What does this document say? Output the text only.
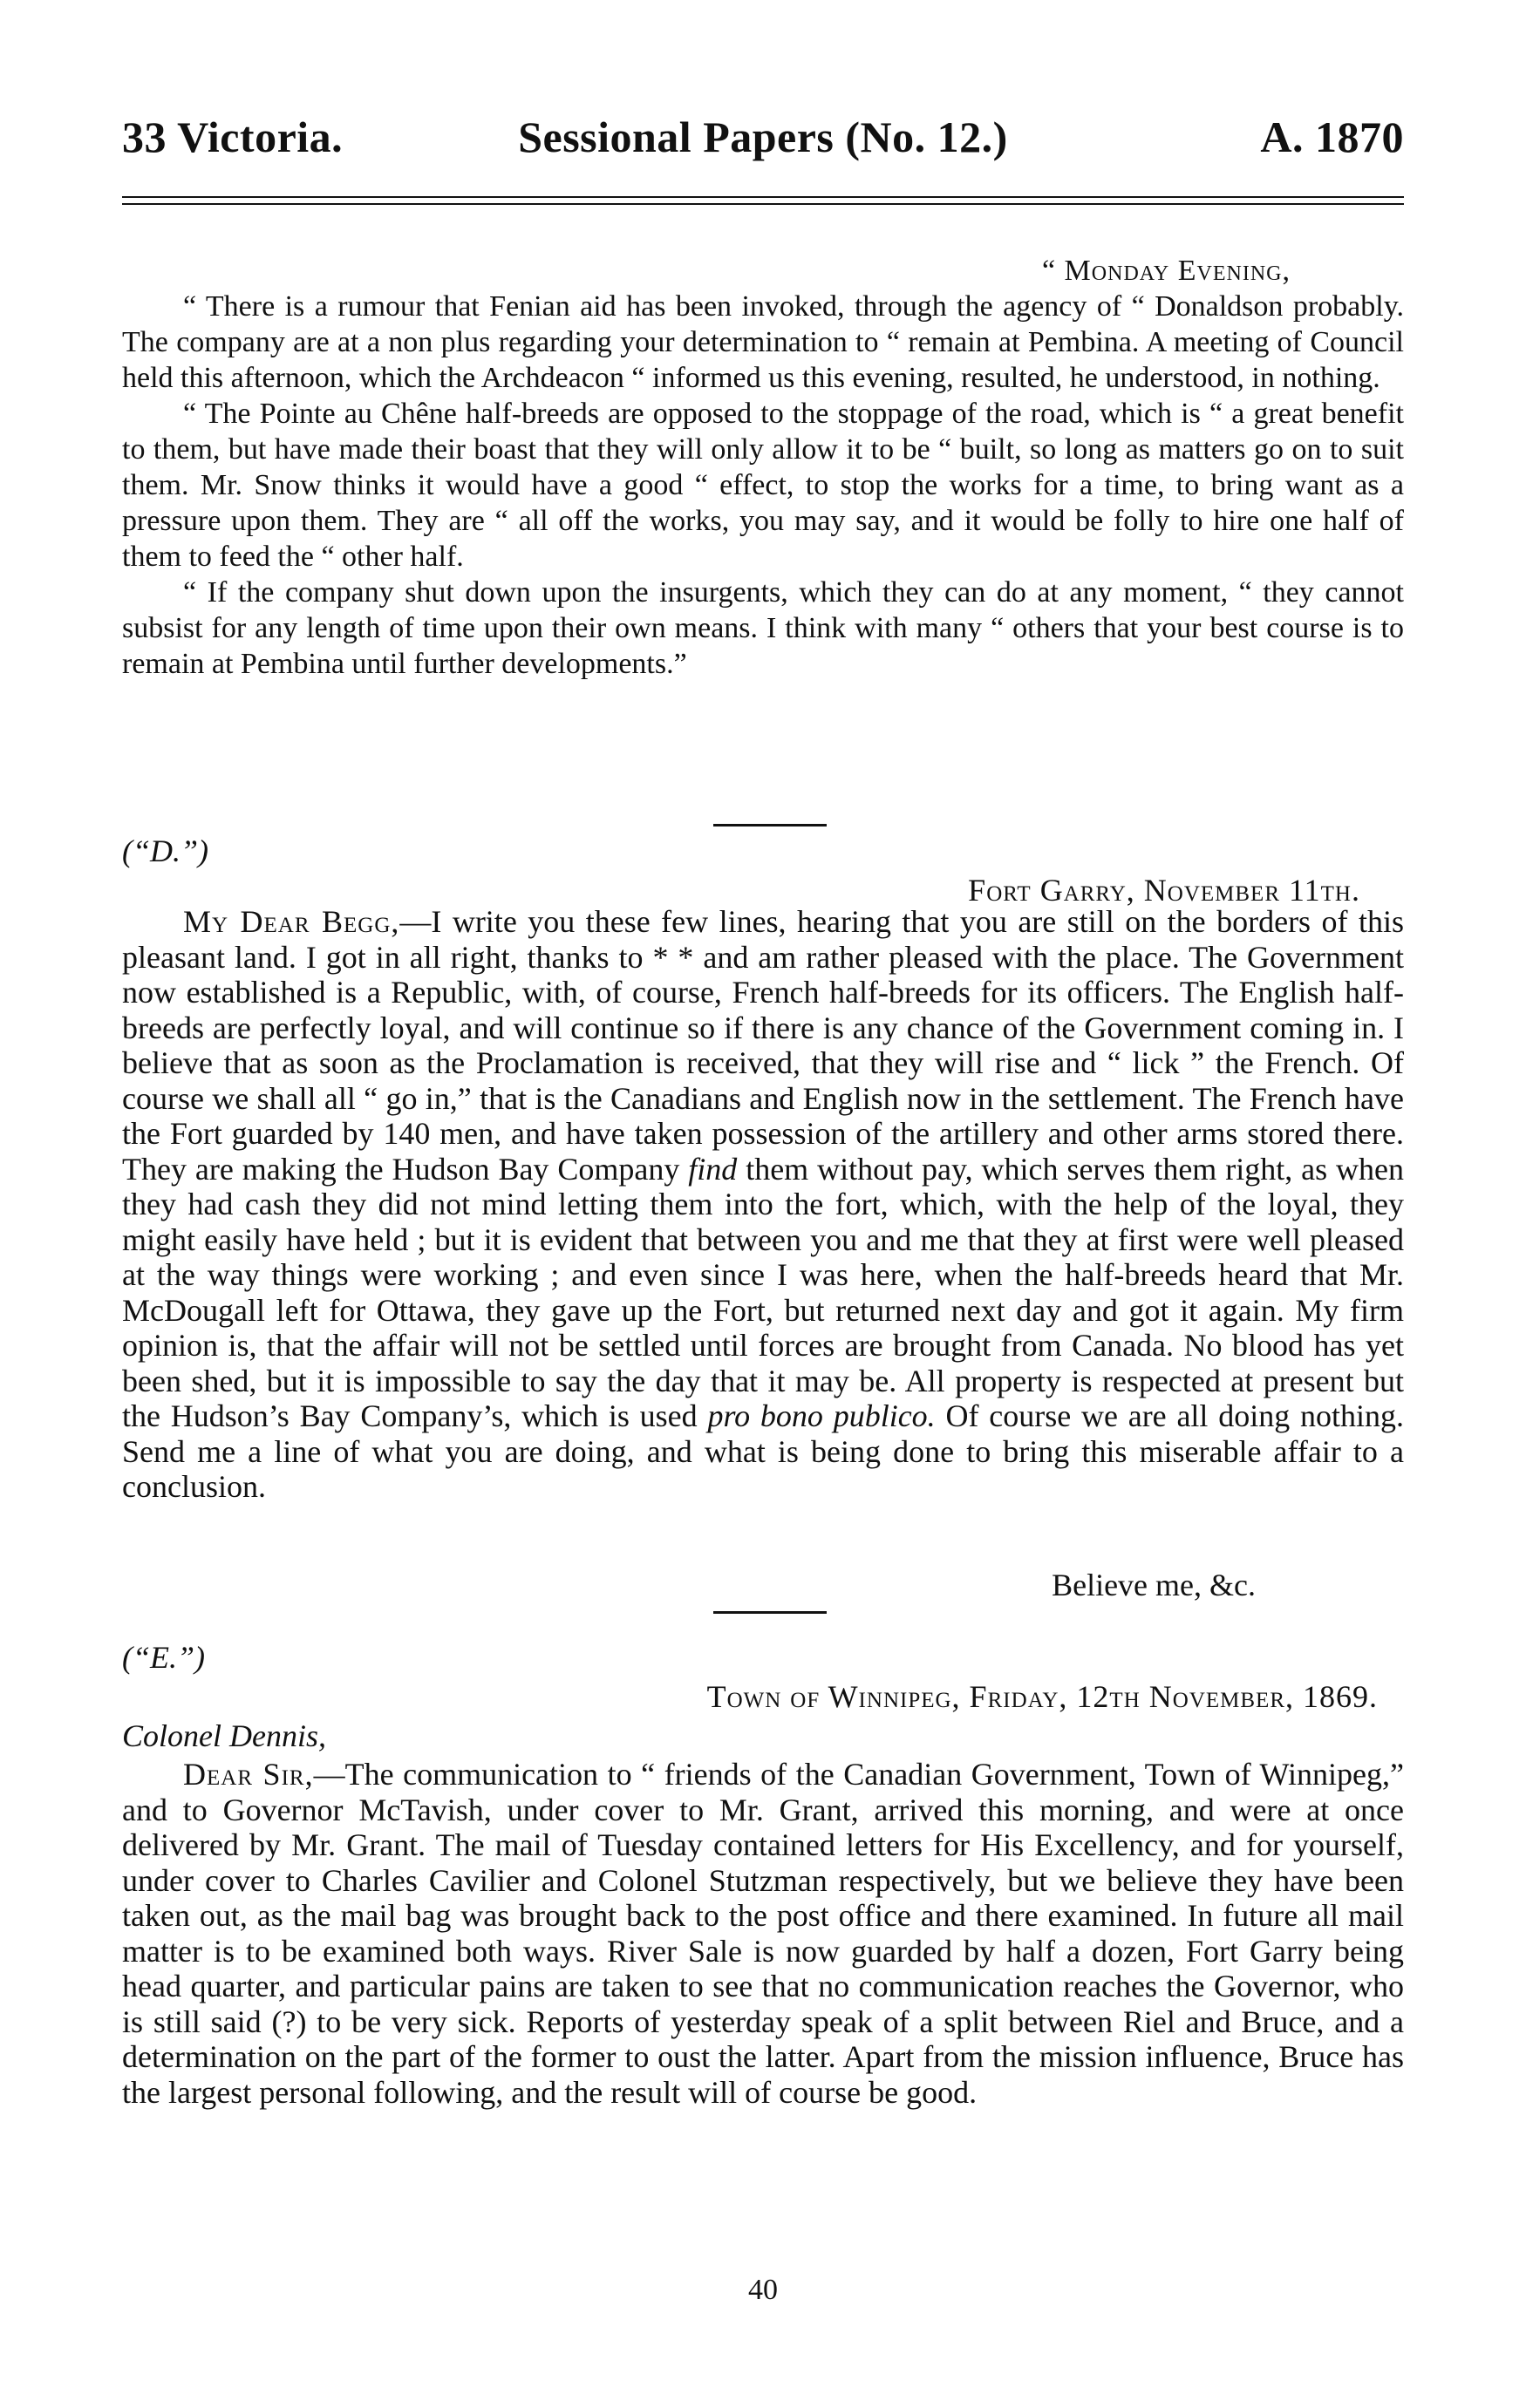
33 Victoria.	Sessional Papers (No. 12.)	A. 1870

“ Monday Evening,

“ There is a rumour that Fenian aid has been invoked, through the agency of “ Donaldson probably. The company are at a non plus regarding your determination to “ remain at Pembina. A meeting of Council held this afternoon, which the Archdeacon “ informed us this evening, resulted, he understood, in nothing.

“ The Pointe au Chêne half-breeds are opposed to the stoppage of the road, which is “ a great benefit to them, but have made their boast that they will only allow it to be “ built, so long as matters go on to suit them. Mr. Snow thinks it would have a good “ effect, to stop the works for a time, to bring want as a pressure upon them. They are “ all off the works, you may say, and it would be folly to hire one half of them to feed the “ other half.

“ If the company shut down upon the insurgents, which they can do at any moment, “ they cannot subsist for any length of time upon their own means. I think with many “ others that your best course is to remain at Pembina until further developments.”

(“D.”)
Fort Garry, November 11th.

My Dear Begg,—I write you these few lines, hearing that you are still on the borders of this pleasant land. I got in all right, thanks to * * and am rather pleased with the place. The Government now established is a Republic, with, of course, French half-breeds for its officers. The English half-breeds are perfectly loyal, and will continue so if there is any chance of the Government coming in. I believe that as soon as the Proclamation is received, that they will rise and “ lick ” the French. Of course we shall all “ go in,” that is the Canadians and English now in the settlement. The French have the Fort guarded by 140 men, and have taken possession of the artillery and other arms stored there. They are making the Hudson Bay Company find them without pay, which serves them right, as when they had cash they did not mind letting them into the fort, which, with the help of the loyal, they might easily have held ; but it is evident that between you and me that they at first were well pleased at the way things were working ; and even since I was here, when the half-breeds heard that Mr. McDougall left for Ottawa, they gave up the Fort, but returned next day and got it again. My firm opinion is, that the affair will not be settled until forces are brought from Canada. No blood has yet been shed, but it is impossible to say the day that it may be. All property is respected at present but the Hudson’s Bay Company’s, which is used pro bono publico. Of course we are all doing nothing. Send me a line of what you are doing, and what is being done to bring this miserable affair to a conclusion.

Believe me, &c.
(“E.”)
Town of Winnipeg, Friday, 12th November, 1869.
Colonel Dennis,

Dear Sir,—The communication to “ friends of the Canadian Government, Town of Winnipeg,” and to Governor McTavish, under cover to Mr. Grant, arrived this morning, and were at once delivered by Mr. Grant. The mail of Tuesday contained letters for His Excellency, and for yourself, under cover to Charles Cavilier and Colonel Stutzman respectively, but we believe they have been taken out, as the mail bag was brought back to the post office and there examined. In future all mail matter is to be examined both ways. River Sale is now guarded by half a dozen, Fort Garry being head quarter, and particular pains are taken to see that no communication reaches the Governor, who is still said (?) to be very sick. Reports of yesterday speak of a split between Riel and Bruce, and a determination on the part of the former to oust the latter. Apart from the mission influence, Bruce has the largest personal following, and the result will of course be good.

40
